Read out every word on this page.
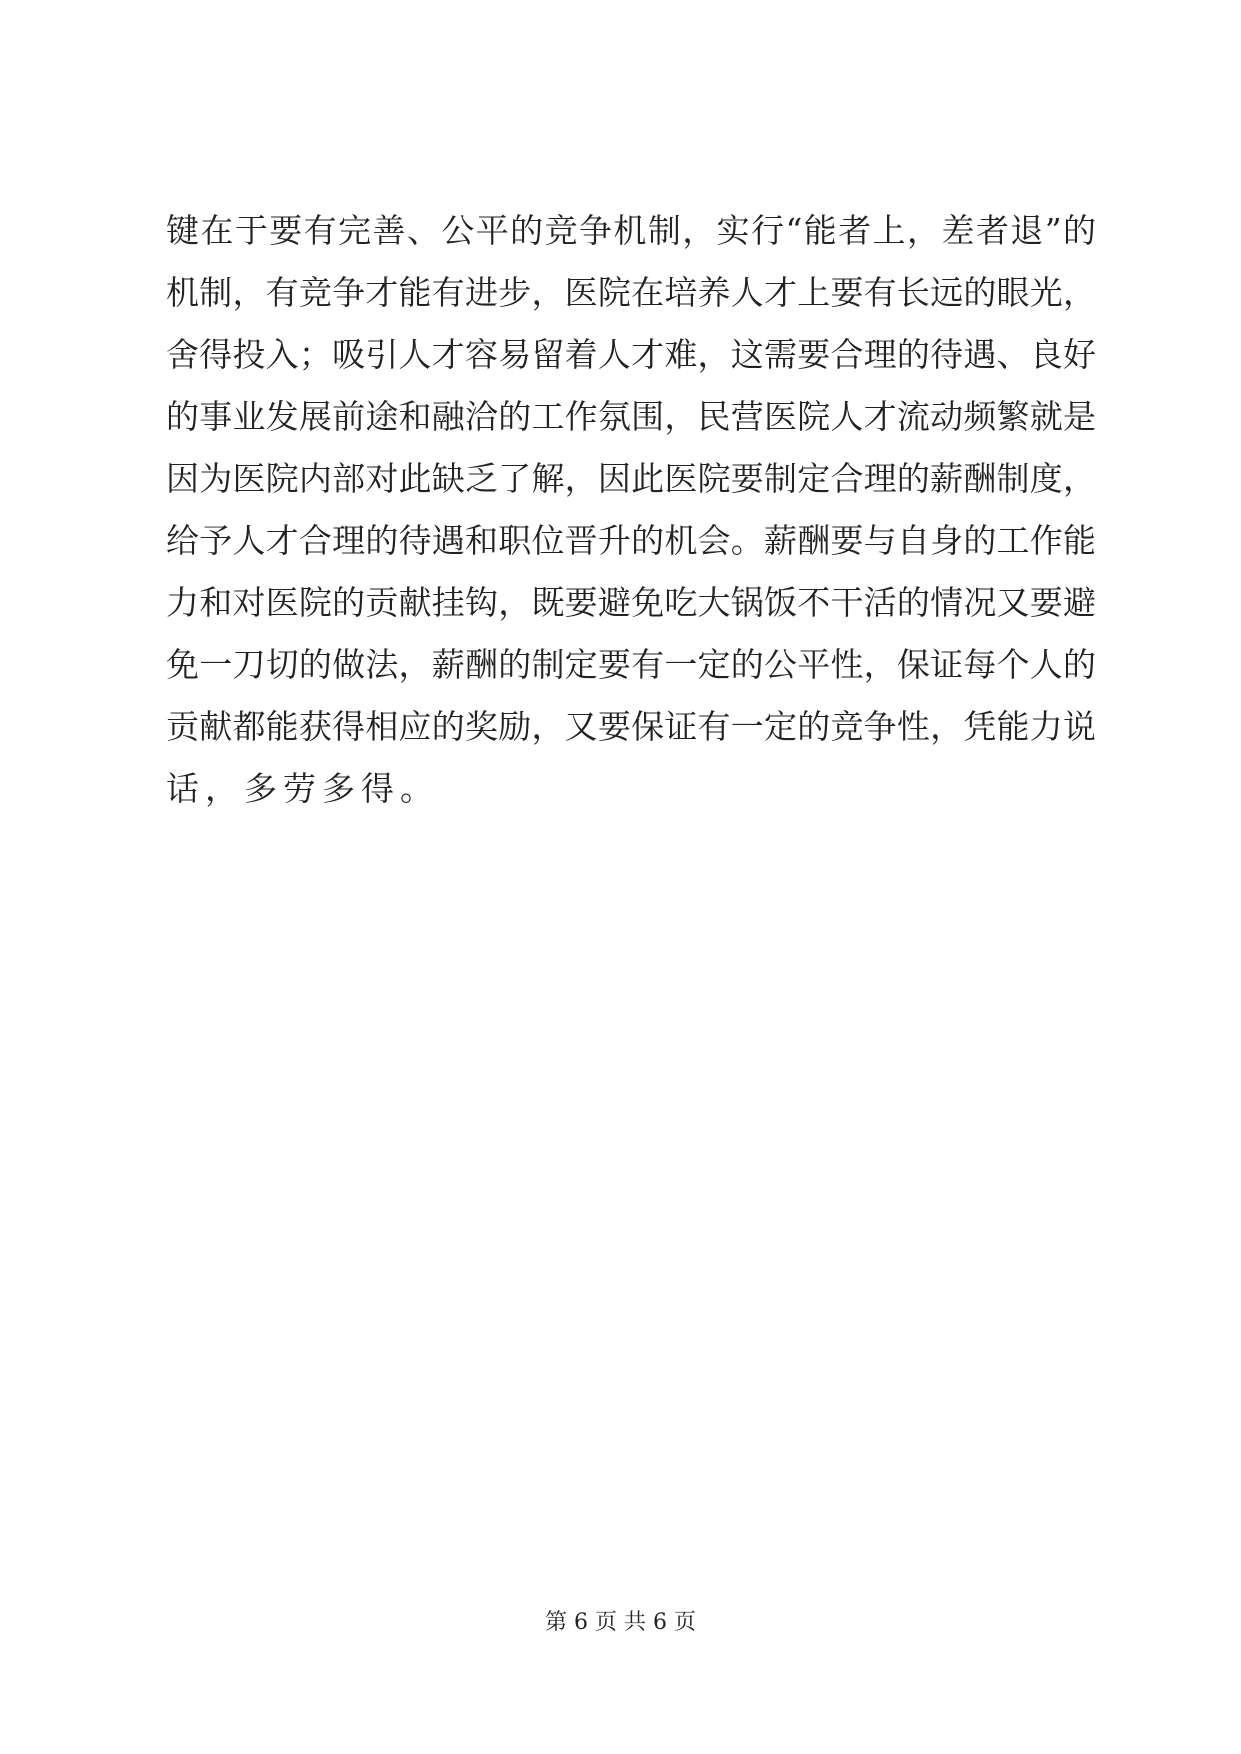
键在于要有完善、公平的竞争机制，实行“能者上，差者退”的
机制，有竞争才能有进步，医院在培养人才上要有长远的眼光，
舍得投入；吸引人才容易留着人才难，这需要合理的待遇、良好
的事业发展前途和融洽的工作氛围，民营医院人才流动频繁就是
因为医院内部对此缺乏了解，因此医院要制定合理的薪酬制度，
给予人才合理的待遇和职位晋升的机会。薪酬要与自身的工作能
力和对医院的贡献挂钩，既要避免吃大锅饭不干活的情况又要避
免一刀切的做法，薪酬的制定要有一定的公平性，保证每个人的
贡献都能获得相应的奖励，又要保证有一定的竞争性，凭能力说
话，多劳多得。
第 6 页 共 6 页
